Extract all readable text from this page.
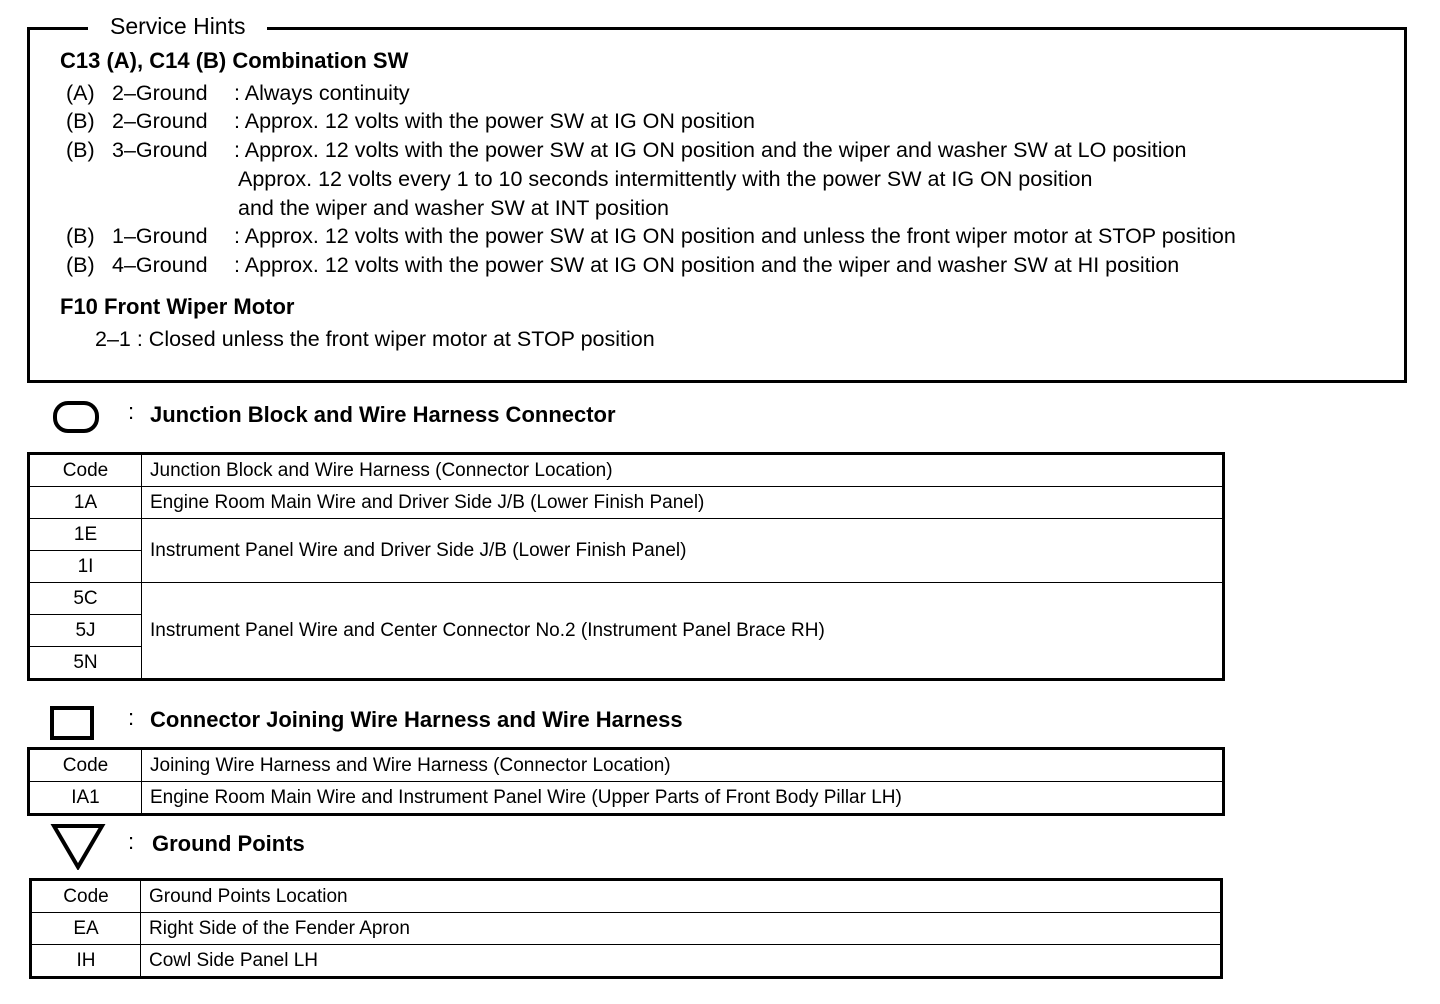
Service Hints
C13 (A), C14 (B) Combination SW
(A) 2–Ground : Always continuity
(B) 2–Ground : Approx. 12 volts with the power SW at IG ON position
(B) 3–Ground : Approx. 12 volts with the power SW at IG ON position and the wiper and washer SW at LO position
Approx. 12 volts every 1 to 10 seconds intermittently with the power SW at IG ON position
and the wiper and washer SW at INT position
(B) 1–Ground : Approx. 12 volts with the power SW at IG ON position and unless the front wiper motor at STOP position
(B) 4–Ground : Approx. 12 volts with the power SW at IG ON position and the wiper and washer SW at HI position
F10 Front Wiper Motor
2–1 : Closed unless the front wiper motor at STOP position
: Junction Block and Wire Harness Connector
Code	Junction Block and Wire Harness (Connector Location)
1A	Engine Room Main Wire and Driver Side J/B (Lower Finish Panel)
1E	Instrument Panel Wire and Driver Side J/B (Lower Finish Panel)
1I	
5C	Instrument Panel Wire and Center Connector No.2 (Instrument Panel Brace RH)
5J	
5N	
: Connector Joining Wire Harness and Wire Harness
Code	Joining Wire Harness and Wire Harness (Connector Location)
IA1	Engine Room Main Wire and Instrument Panel Wire (Upper Parts of Front Body Pillar LH)
: Ground Points
Code	Ground Points Location
EA	Right Side of the Fender Apron
IH	Cowl Side Panel LH
